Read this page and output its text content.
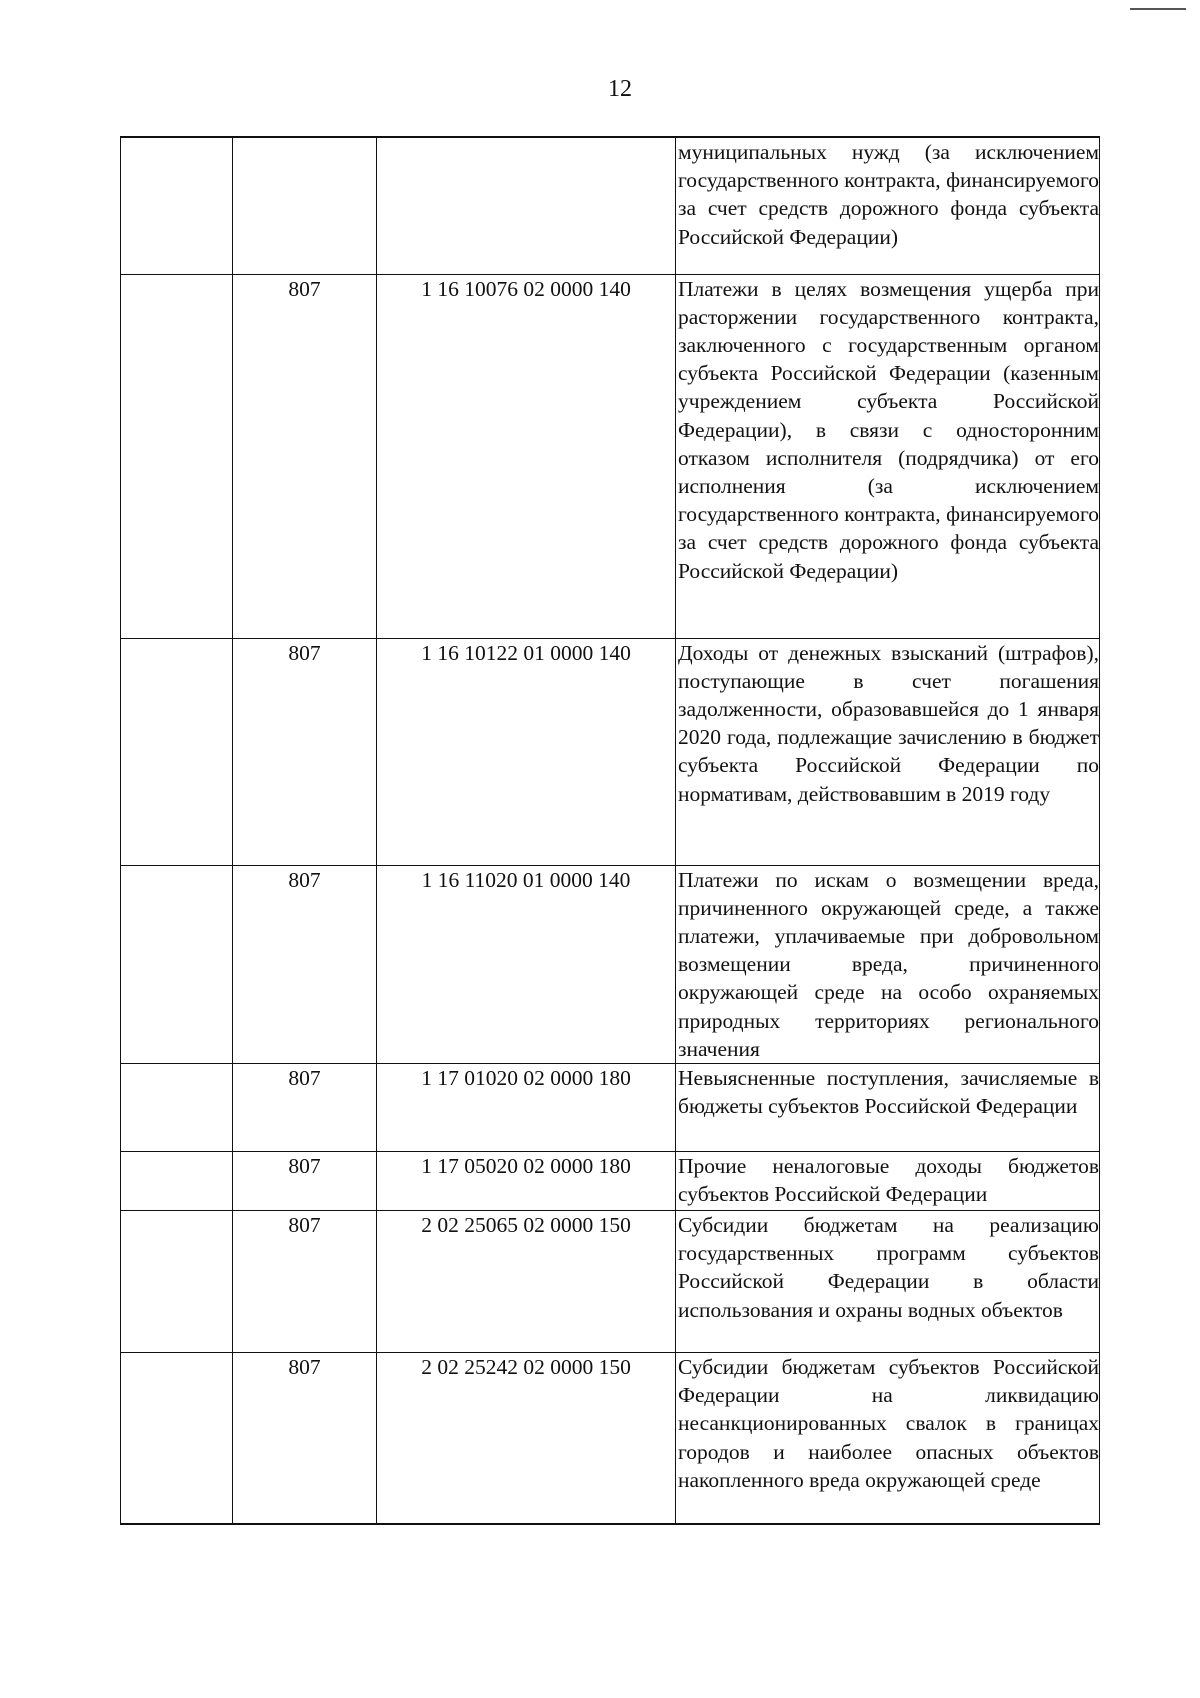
12
			муниципальных нужд (за исключением государственного контракта, финансируемого за счет средств дорожного фонда субъекта Российской Федерации)
	807	1 16 10076 02 0000 140	Платежи в целях возмещения ущерба при расторжении государственного контракта, заключенного с государственным органом субъекта Российской Федерации (казенным учреждением субъекта Российской Федерации), в связи с односторонним отказом исполнителя (подрядчика) от его исполнения (за исключением государственного контракта, финансируемого за счет средств дорожного фонда субъекта Российской Федерации)
	807	1 16 10122 01 0000 140	Доходы от денежных взысканий (штрафов), поступающие в счет погашения задолженности, образовавшейся до 1 января 2020 года, подлежащие зачислению в бюджет субъекта Российской Федерации по нормативам, действовавшим в 2019 году
	807	1 16 11020 01 0000 140	Платежи по искам о возмещении вреда, причиненного окружающей среде, а также платежи, уплачиваемые при добровольном возмещении вреда, причиненного окружающей среде на особо охраняемых природных территориях регионального значения
	807	1 17 01020 02 0000 180	Невыясненные поступления, зачисляемые в бюджеты субъектов Российской Федерации
	807	1 17 05020 02 0000 180	Прочие неналоговые доходы бюджетов субъектов Российской Федерации
	807	2 02 25065 02 0000 150	Субсидии бюджетам на реализацию государственных программ субъектов Российской Федерации в области использования и охраны водных объектов
	807	2 02 25242 02 0000 150	Субсидии бюджетам субъектов Российской Федерации на ликвидацию несанкционированных свалок в границах городов и наиболее опасных объектов накопленного вреда окружающей среде
